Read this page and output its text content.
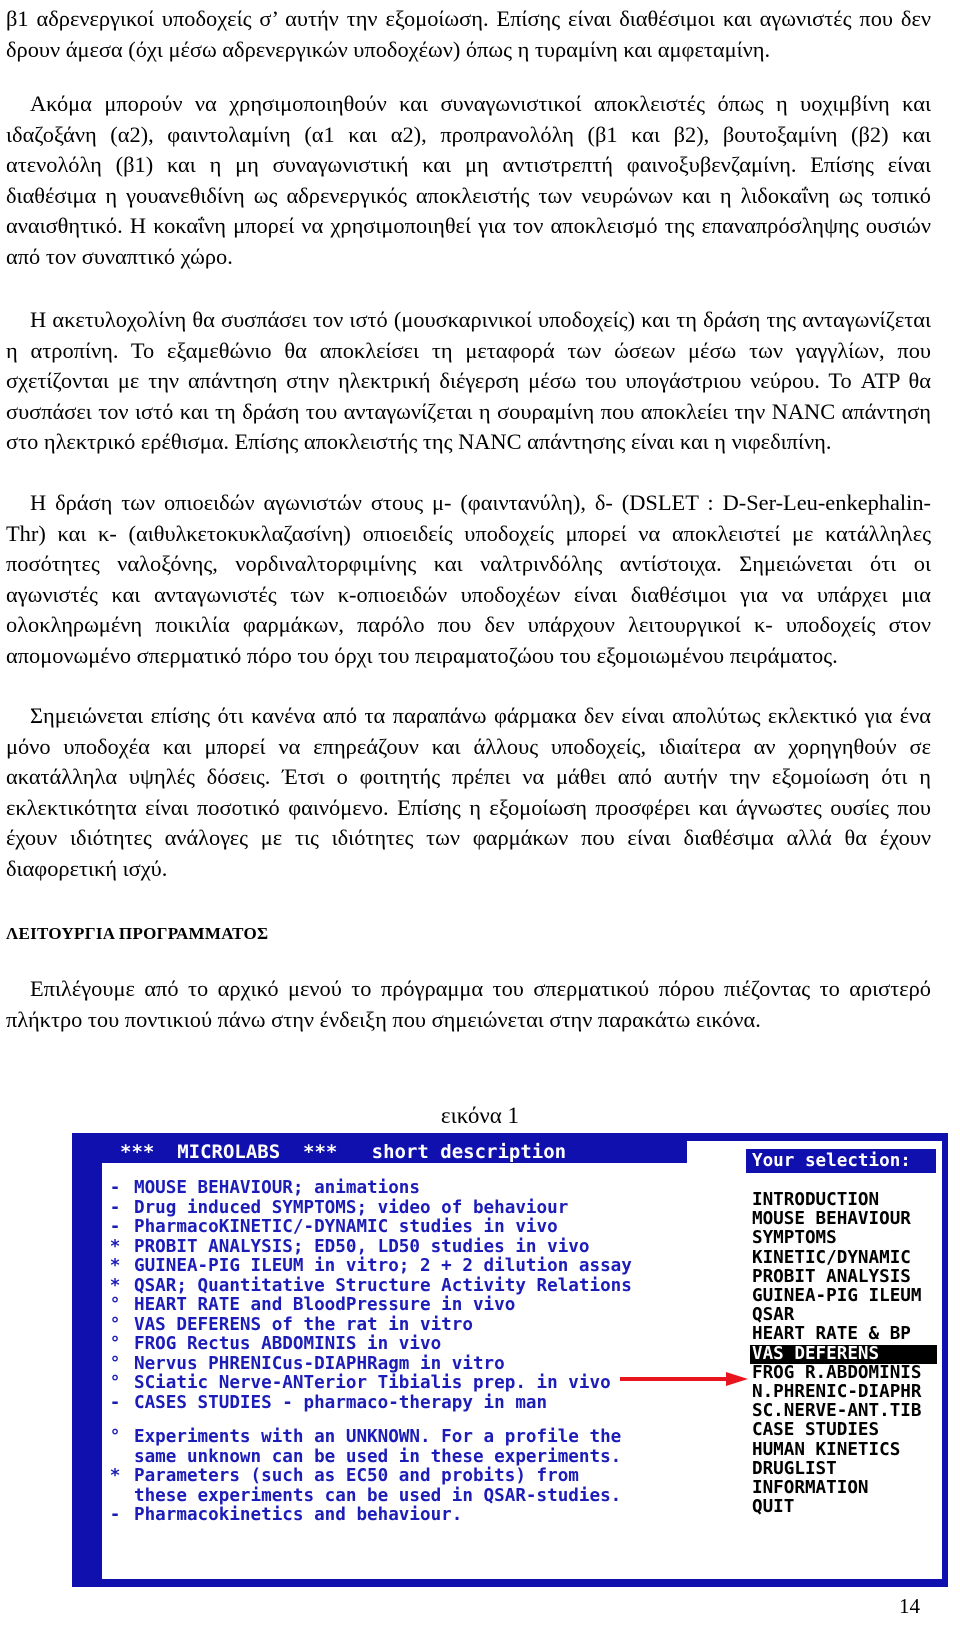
β1 αδρενεργικοί υποδοχείς σ’ αυτήν την εξομοίωση. Επίσης είναι διαθέσιμοι και αγωνιστές που δεν δρουν άμεσα (όχι μέσω αδρενεργικών υποδοχέων) όπως η τυραμίνη και αμφεταμίνη.

Ακόμα μπορούν να χρησιμοποιηθούν και συναγωνιστικοί αποκλειστές όπως η υοχιμβίνη και ιδαζοξάνη (α2), φαιντολαμίνη (α1 και α2), προπρανολόλη (β1 και β2), βουτοξαμίνη (β2) και ατενολόλη (β1) και η μη συναγωνιστική και μη αντιστρεπτή φαινοξυβενζαμίνη. Επίσης είναι διαθέσιμα η γουανεθιδίνη ως αδρενεργικός αποκλειστής των νευρώνων και η λιδοκαΐνη ως τοπικό αναισθητικό. Η κοκαΐνη μπορεί να χρησιμοποιηθεί για τον αποκλεισμό της επαναπρόσληψης ουσιών από τον συναπτικό χώρο.

Η ακετυλοχολίνη θα συσπάσει τον ιστό (μουσκαρινικοί υποδοχείς) και τη δράση της ανταγωνίζεται η ατροπίνη. Το εξαμεθώνιο θα αποκλείσει τη μεταφορά των ώσεων μέσω των γαγγλίων, που σχετίζονται με την απάντηση στην ηλεκτρική διέγερση μέσω του υπογάστριου νεύρου. Το ATP θα συσπάσει τον ιστό και τη δράση του ανταγωνίζεται η σουραμίνη που αποκλείει την NANC απάντηση στο ηλεκτρικό ερέθισμα. Επίσης αποκλειστής της NANC απάντησης είναι και η νιφεδιπίνη.

Η δράση των οπιοειδών αγωνιστών στους μ- (φαιντανύλη), δ- (DSLET : D-Ser-Leu-enkephalin-Thr) και κ- (αιθυλκετοκυκλαζασίνη) οπιοειδείς υποδοχείς μπορεί να αποκλειστεί με κατάλληλες ποσότητες ναλοξόνης, νορδιναλτορφιμίνης και ναλτρινδόλης αντίστοιχα. Σημειώνεται ότι οι αγωνιστές και ανταγωνιστές των κ-οπιοειδών υποδοχέων είναι διαθέσιμοι για να υπάρχει μια ολοκληρωμένη ποικιλία φαρμάκων, παρόλο που δεν υπάρχουν λειτουργικοί κ- υποδοχείς στον απομονωμένο σπερματικό πόρο του όρχι του πειραματοζώου του εξομοιωμένου πειράματος.

Σημειώνεται επίσης ότι κανένα από τα παραπάνω φάρμακα δεν είναι απολύτως εκλεκτικό για ένα μόνο υποδοχέα και μπορεί να επηρεάζουν και άλλους υποδοχείς, ιδιαίτερα αν χορηγηθούν σε ακατάλληλα υψηλές δόσεις. Έτσι ο φοιτητής πρέπει να μάθει από αυτήν την εξομοίωση ότι η εκλεκτικότητα είναι ποσοτικό φαινόμενο. Επίσης η εξομοίωση προσφέρει και άγνωστες ουσίες που έχουν ιδιότητες ανάλογες με τις ιδιότητες των φαρμάκων που είναι διαθέσιμα αλλά θα έχουν διαφορετική ισχύ.

ΛΕΙΤΟΥΡΓΙΑ ΠΡΟΓΡΑΜΜΑΤΟΣ

Επιλέγουμε από το αρχικό μενού το πρόγραμμα του σπερματικού πόρου πιέζοντας το αριστερό πλήκτρο του ποντικιού πάνω στην ένδειξη που σημειώνεται στην παρακάτω εικόνα.

εικόνα 1
***  MICROLABS  ***   short description
- MOUSE BEHAVIOUR; animations
- Drug induced SYMPTOMS; video of behaviour
- PharmacoKINETIC/-DYNAMIC studies in vivo
* PROBIT ANALYSIS; ED50, LD50 studies in vivo
* GUINEA-PIG ILEUM in vitro; 2 + 2 dilution assay
* QSAR; Quantitative Structure Activity Relations
° HEART RATE and BloodPressure in vivo
° VAS DEFERENS of the rat in vitro
° FROG Rectus ABDOMINIS in vivo
° Nervus PHRENICus-DIAPHRagm in vitro
° SCiatic Nerve-ANTerior Tibialis prep. in vivo
- CASES STUDIES - pharmaco-therapy in man
° Experiments with an UNKNOWN. For a profile the
same unknown can be used in these experiments.
* Parameters (such as EC50 and probits) from
these experiments can be used in QSAR-studies.
- Pharmacokinetics and behaviour.
Your selection:
INTRODUCTION
MOUSE BEHAVIOUR
SYMPTOMS
KINETIC/DYNAMIC
PROBIT ANALYSIS
GUINEA-PIG ILEUM
QSAR
HEART RATE & BP
VAS DEFERENS
FROG R.ABDOMINIS
N.PHRENIC-DIAPHR
SC.NERVE-ANT.TIB
CASE STUDIES
HUMAN KINETICS
DRUGLIST
INFORMATION
QUIT
14
